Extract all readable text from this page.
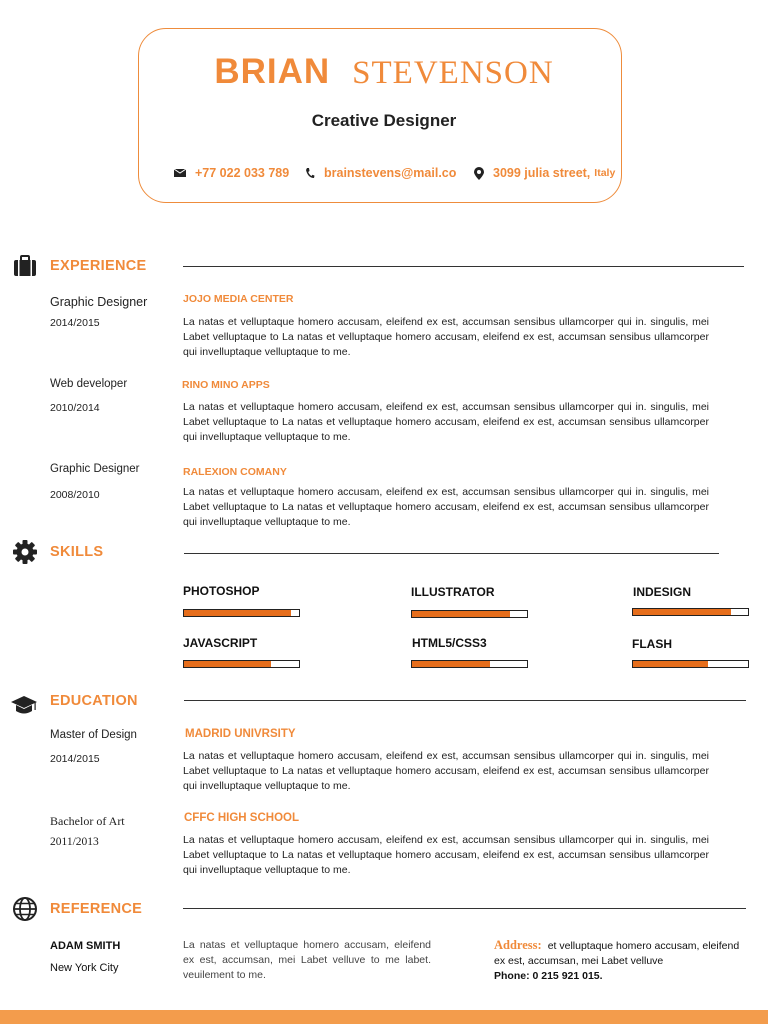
BRIAN STEVENSON
Creative Designer
+77 022 033 789	brainstevens@mail.co	3099 julia street, Italy
EXPERIENCE
Graphic Designer
2014/2015
JOJO MEDIA CENTER
La natas et velluptaque homero accusam, eleifend ex est, accumsan sensibus ullamcorper qui in. singulis, mei Labet velluptaque to La natas et velluptaque homero accusam, eleifend ex est, accumsan sensibus ullamcorper qui invelluptaque velluptaque to me.
Web developer
2010/2014
RINO MINO APPS
La natas et velluptaque homero accusam, eleifend ex est, accumsan sensibus ullamcorper qui in. singulis, mei Labet velluptaque to La natas et velluptaque homero accusam, eleifend ex est, accumsan sensibus ullamcorper qui invelluptaque velluptaque to me.
Graphic Designer
2008/2010
RALEXION COMANY
La natas et velluptaque homero accusam, eleifend ex est, accumsan sensibus ullamcorper qui in. singulis, mei Labet velluptaque to La natas et velluptaque homero accusam, eleifend ex est, accumsan sensibus ullamcorper qui invelluptaque velluptaque to me.
SKILLS
PHOTOSHOP	ILLUSTRATOR	INDESIGN
JAVASCRIPT	HTML5/CSS3	FLASH
EDUCATION
Master of Design
2014/2015
MADRID UNIVRSITY
La natas et velluptaque homero accusam, eleifend ex est, accumsan sensibus ullamcorper qui in. singulis, mei Labet velluptaque to La natas et velluptaque homero accusam, eleifend ex est, accumsan sensibus ullamcorper qui invelluptaque velluptaque to me.
Bachelor of Art
2011/2013
CFFC HIGH SCHOOL
La natas et velluptaque homero accusam, eleifend ex est, accumsan sensibus ullamcorper qui in. singulis, mei Labet velluptaque to La natas et velluptaque homero accusam, eleifend ex est, accumsan sensibus ullamcorper qui invelluptaque velluptaque to me.
REFERENCE
ADAM SMITH
New York City
La natas et velluptaque homero accusam, eleifend ex est, accumsan, mei Labet velluve to me labet. veuilement to me.
Address: et velluptaque homero accusam, eleifend ex est, accumsan, mei Labet velluve
Phone: 0 215 921 015.
